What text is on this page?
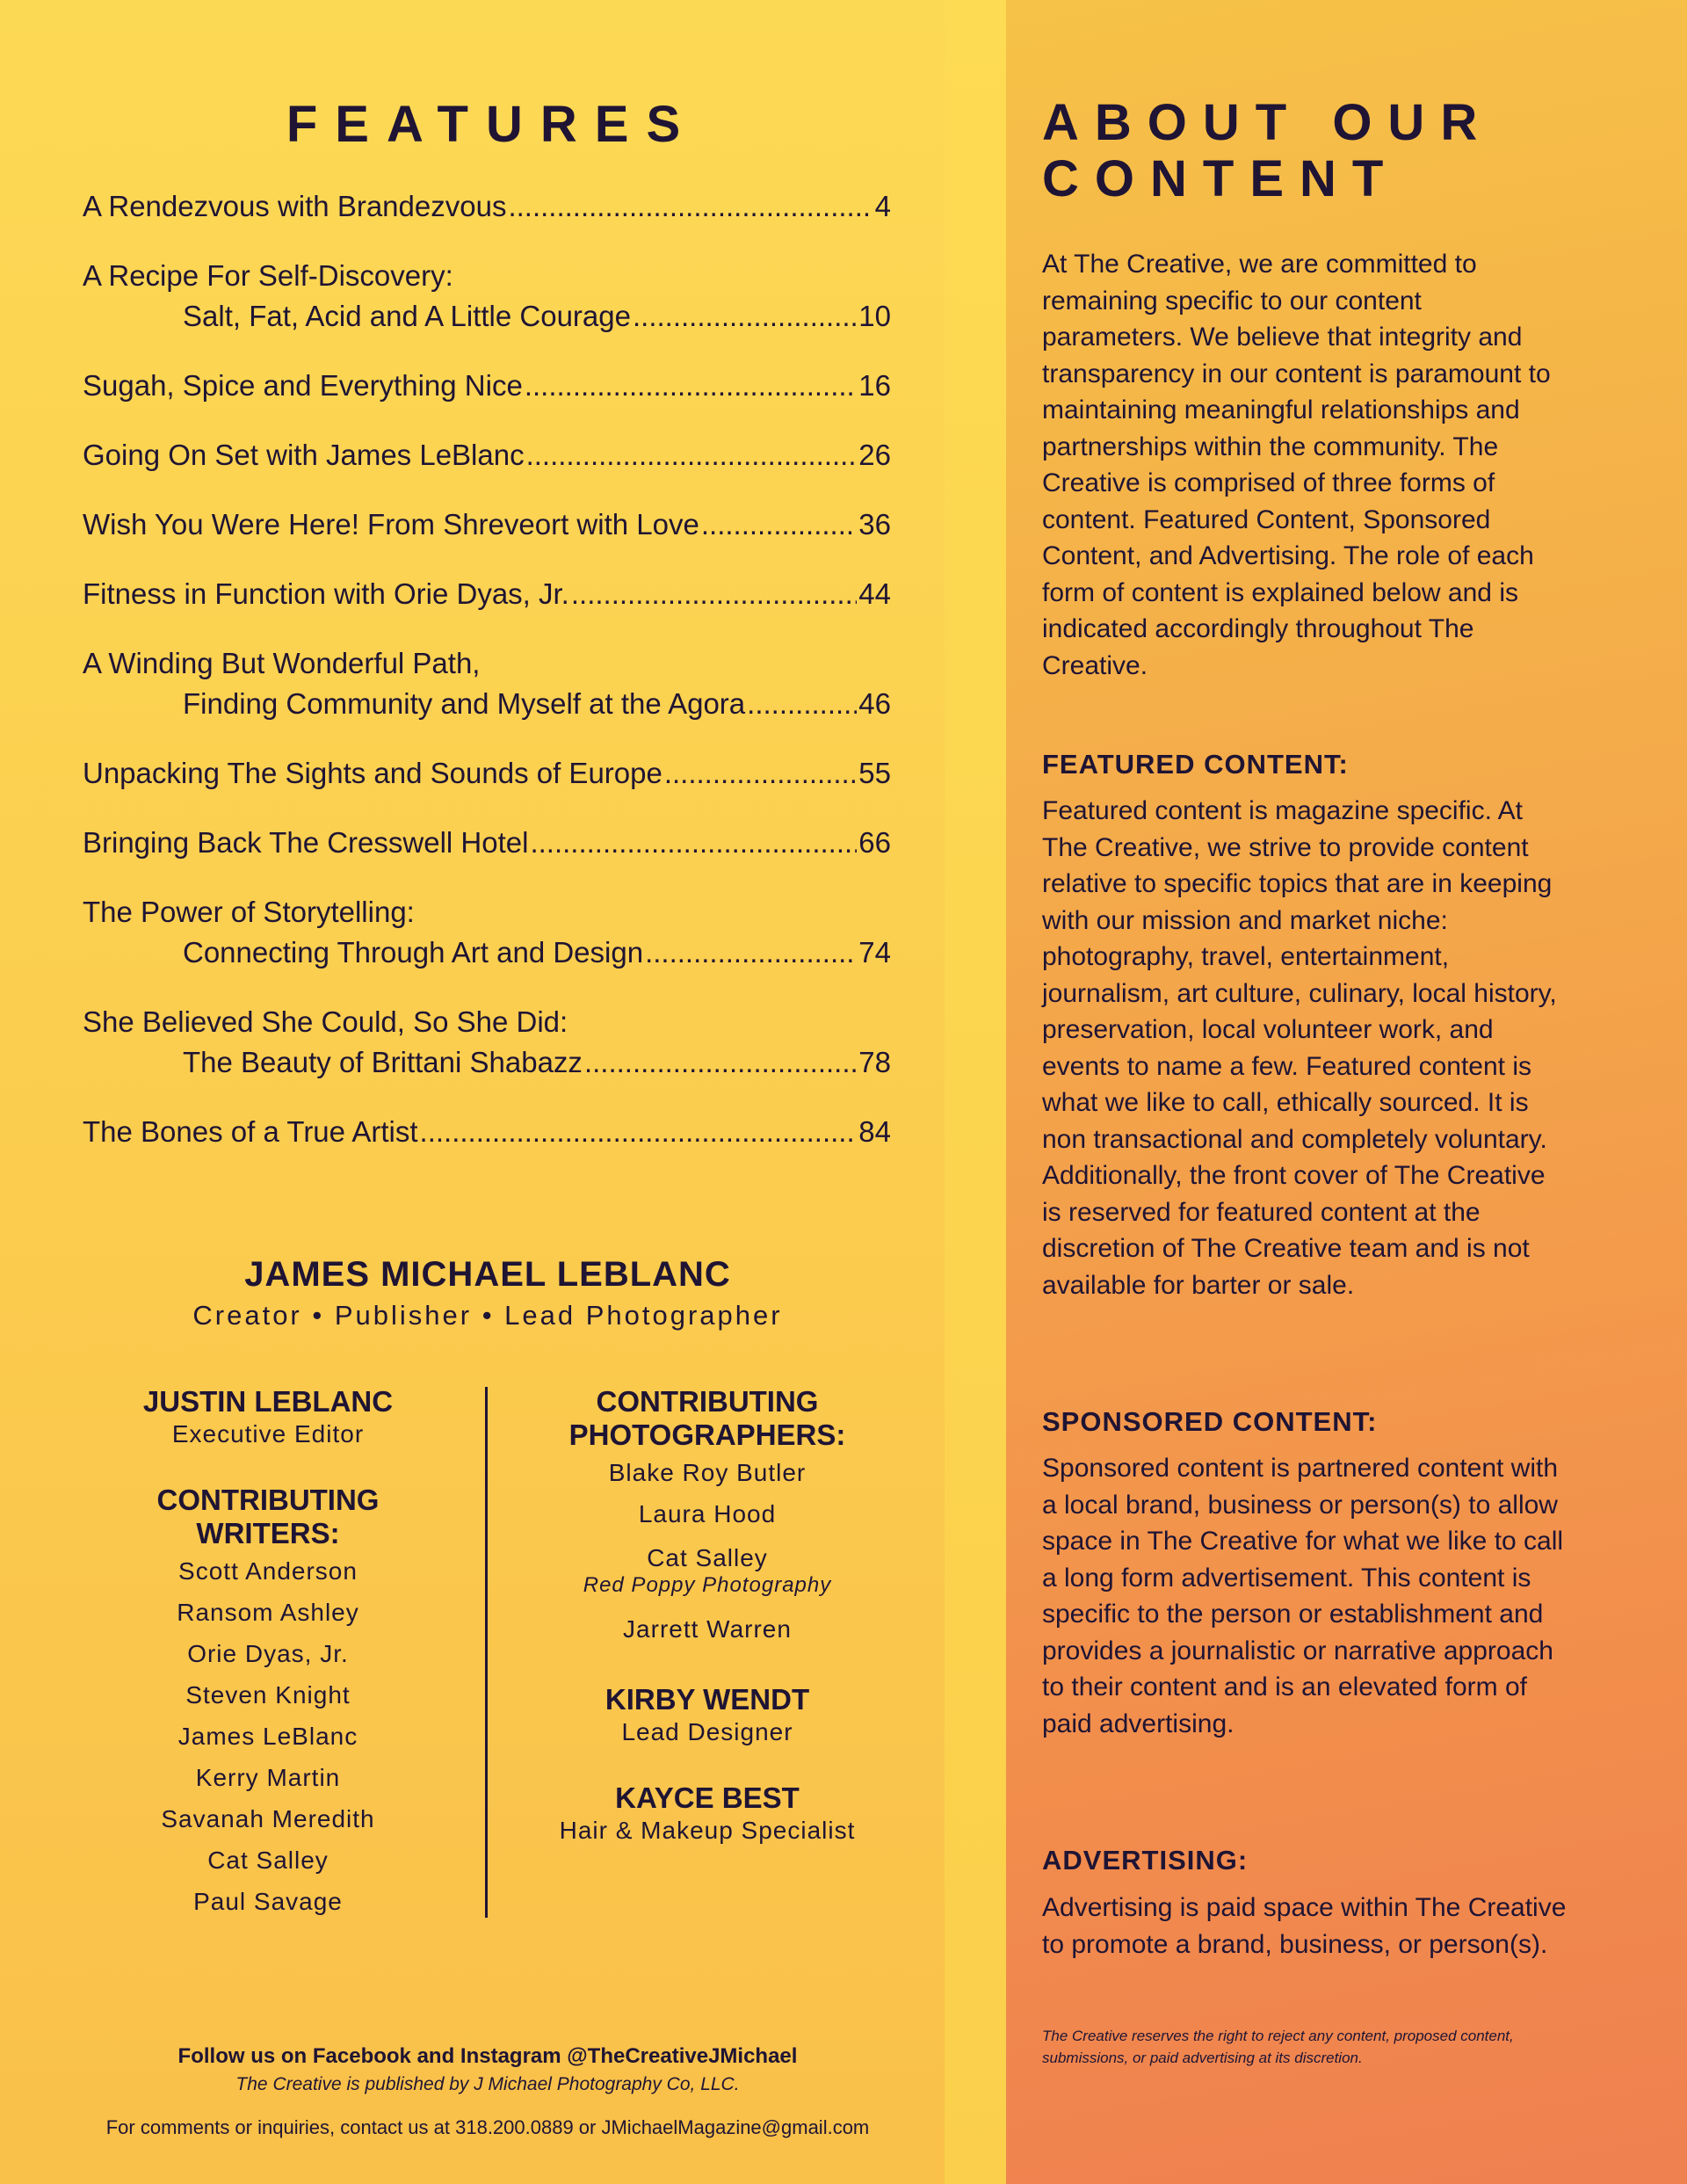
FEATURES
A Rendezvous with Brandezvous .....	4
A Recipe For Self-Discovery:
Salt, Fat, Acid and A Little Courage .....	10
Sugah, Spice and Everything Nice .....	16
Going On Set with James LeBlanc .....	26
Wish You Were Here! From Shreveort with Love .....	36
Fitness in Function with Orie Dyas, Jr. .....	44
A Winding But Wonderful Path,
Finding Community and Myself at the Agora .....	46
Unpacking The Sights and Sounds of Europe .....	55
Bringing Back The Cresswell Hotel .....	66
The Power of Storytelling:
Connecting Through Art and Design .....	74
She Believed She Could, So She Did:
The Beauty of Brittani Shabazz .....	78
The Bones of a True Artist .....	84
JAMES MICHAEL LEBLANC
Creator • Publisher • Lead Photographer
JUSTIN LEBLANC
Executive Editor
CONTRIBUTING WRITERS:
Scott Anderson
Ransom Ashley
Orie Dyas, Jr.
Steven Knight
James LeBlanc
Kerry Martin
Savanah Meredith
Cat Salley
Paul Savage
CONTRIBUTING PHOTOGRAPHERS:
Blake Roy Butler
Laura Hood
Cat Salley
Red Poppy Photography
Jarrett Warren
KIRBY WENDT
Lead Designer
KAYCE BEST
Hair & Makeup Specialist
Follow us on Facebook and Instagram @TheCreativeJMichael
The Creative is published by J Michael Photography Co, LLC.
For comments or inquiries, contact us at 318.200.0889 or JMichaelMagazine@gmail.com
ABOUT OUR CONTENT

At The Creative, we are committed to remaining specific to our content parameters. We believe that integrity and transparency in our content is paramount to maintaining meaningful relationships and partnerships within the community. The Creative is comprised of three forms of content. Featured Content, Sponsored Content, and Advertising. The role of each form of content is explained below and is indicated accordingly throughout The Creative.

FEATURED CONTENT:

Featured content is magazine specific. At The Creative, we strive to provide content relative to specific topics that are in keeping with our mission and market niche: photography, travel, entertainment, journalism, art culture, culinary, local history, preservation, local volunteer work, and events to name a few. Featured content is what we like to call, ethically sourced. It is non transactional and completely voluntary. Additionally, the front cover of The Creative is reserved for featured content at the discretion of The Creative team and is not available for barter or sale.

SPONSORED CONTENT:

Sponsored content is partnered content with a local brand, business or person(s) to allow space in The Creative for what we like to call a long form advertisement. This content is specific to the person or establishment and provides a journalistic or narrative approach to their content and is an elevated form of paid advertising.

ADVERTISING:

Advertising is paid space within The Creative to promote a brand, business, or person(s).

The Creative reserves the right to reject any content, proposed content, submissions, or paid advertising at its discretion.
